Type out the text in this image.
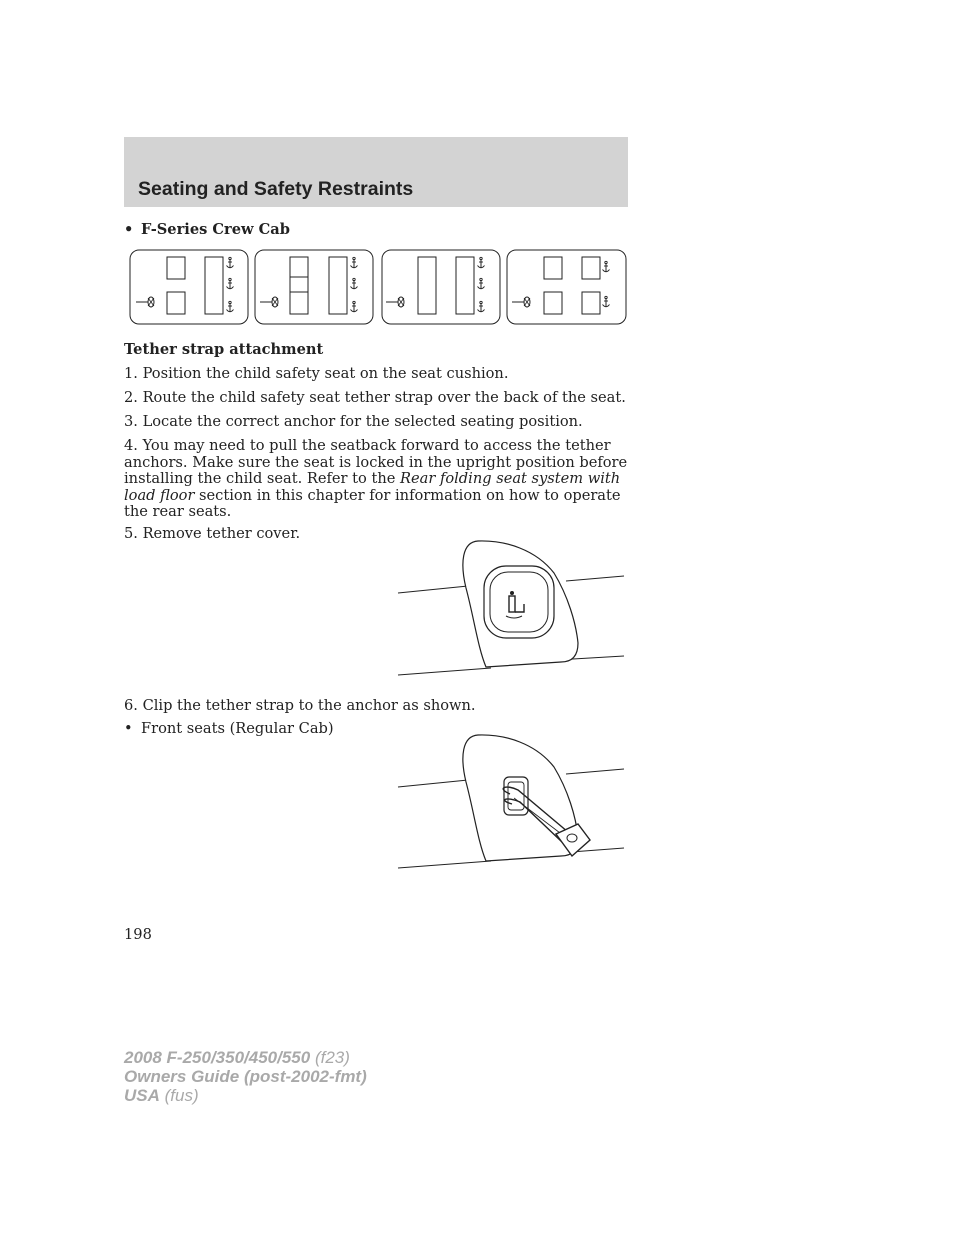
Seating and Safety Restraints

• F-Series Crew Cab

Tether strap attachment

1. Position the child safety seat on the seat cushion.

2. Route the child safety seat tether strap over the back of the seat.

3. Locate the correct anchor for the selected seating position.

4. You may need to pull the seatback forward to access the tether anchors. Make sure the seat is locked in the upright position before installing the child seat. Refer to the Rear folding seat system with load floor section in this chapter for information on how to operate the rear seats.

5. Remove tether cover.

6. Clip the tether strap to the anchor as shown.

• Front seats (Regular Cab)

198

2008 F-250/350/450/550 (f23)
Owners Guide (post-2002-fmt)
USA (fus)
